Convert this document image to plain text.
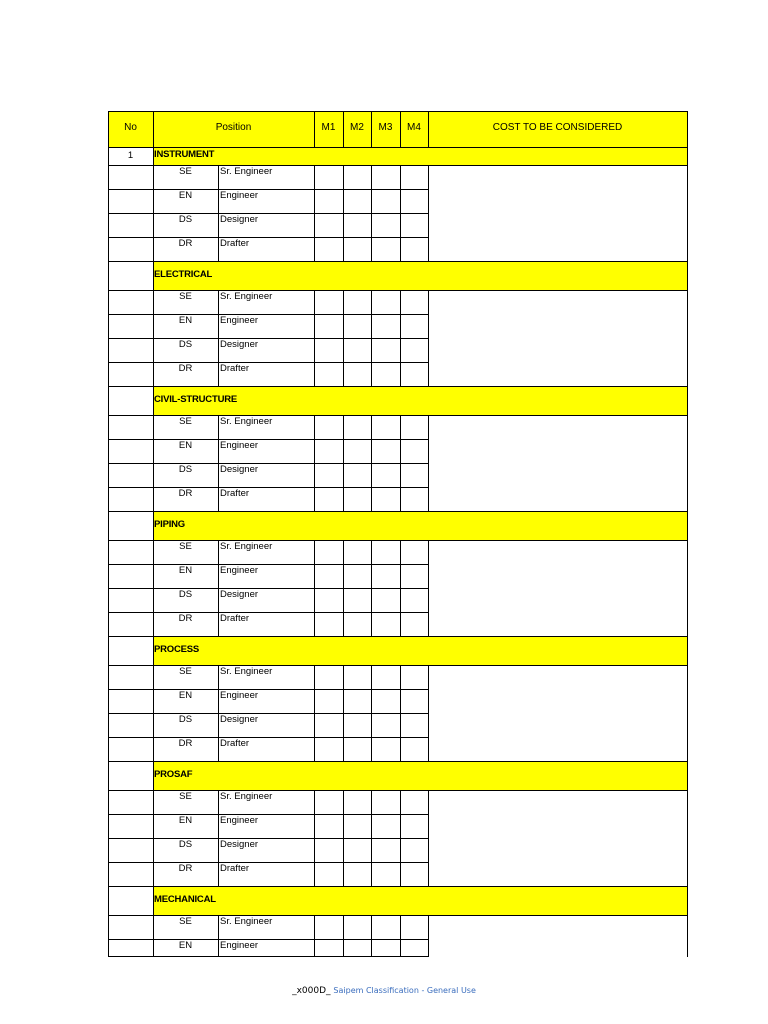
No	Position	M1	M2	M3	M4	COST TO BE CONSIDERED
1	INSTRUMENT
SE	Sr. Engineer
EN	Engineer
DS	Designer
DR	Drafter
ELECTRICAL
SE	Sr. Engineer
EN	Engineer
DS	Designer
DR	Drafter
CIVIL-STRUCTURE
SE	Sr. Engineer
EN	Engineer
DS	Designer
DR	Drafter
PIPING
SE	Sr. Engineer
EN	Engineer
DS	Designer
DR	Drafter
PROCESS
SE	Sr. Engineer
EN	Engineer
DS	Designer
DR	Drafter
PROSAF
SE	Sr. Engineer
EN	Engineer
DS	Designer
DR	Drafter
MECHANICAL
SE	Sr. Engineer
EN	Engineer
_x000D_ Saipem Classification - General Use
